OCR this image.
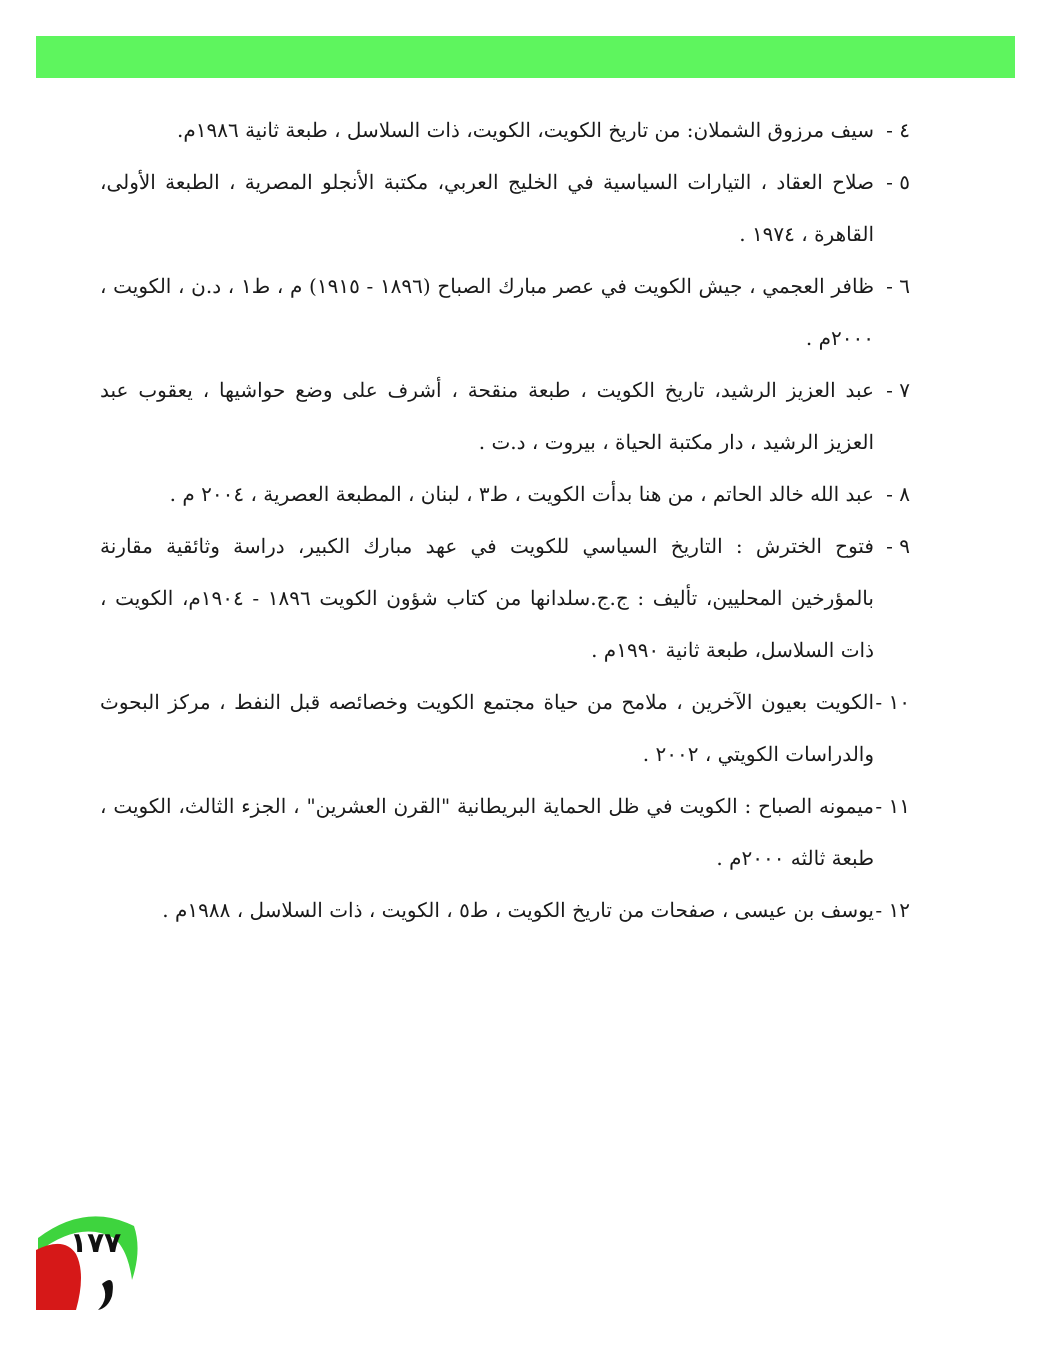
٤ -
سيف مرزوق الشملان: من تاريخ الكويت، الكويت، ذات السلاسل ، طبعة ثانية ١٩٨٦م.
٥ -
صلاح العقاد ، التيارات السياسية في الخليج العربي، مكتبة الأنجلو المصرية ، الطبعة الأولى، القاهرة ، ١٩٧٤ .
٦ -
ظافر العجمي ، جيش الكويت في عصر مبارك الصباح (١٨٩٦ - ١٩١٥) م ، ط١ ، د.ن ، الكويت ، ٢٠٠٠م .
٧ -
عبد العزيز الرشيد، تاريخ الكويت ، طبعة منقحة ، أشرف على وضع حواشيها ، يعقوب عبد العزيز الرشيد ، دار مكتبة الحياة ، بيروت ، د.ت .
٨ -
عبد الله خالد الحاتم ، من هنا بدأت الكويت ، ط٣ ، لبنان ، المطبعة العصرية ، ٢٠٠٤ م .
٩ -
فتوح الخترش : التاريخ السياسي للكويت في عهد مبارك الكبير، دراسة وثائقية مقارنة بالمؤرخين المحليين، تأليف : ج.ج.سلدانها من كتاب شؤون الكويت ١٨٩٦ - ١٩٠٤م، الكويت ، ذات السلاسل، طبعة ثانية ١٩٩٠م .
١٠ -
الكويت بعيون الآخرين ، ملامح من حياة مجتمع الكويت وخصائصه قبل النفط ، مركز البحوث والدراسات الكويتي ، ٢٠٠٢ .
١١ -
ميمونه الصباح : الكويت في ظل الحماية البريطانية "القرن العشرين" ، الجزء الثالث، الكويت ، طبعة ثالثه ٢٠٠٠م .
١٢ -
يوسف بن عيسى ، صفحات من تاريخ الكويت ، ط٥ ، الكويت ، ذات السلاسل ، ١٩٨٨م .
١٧٧
